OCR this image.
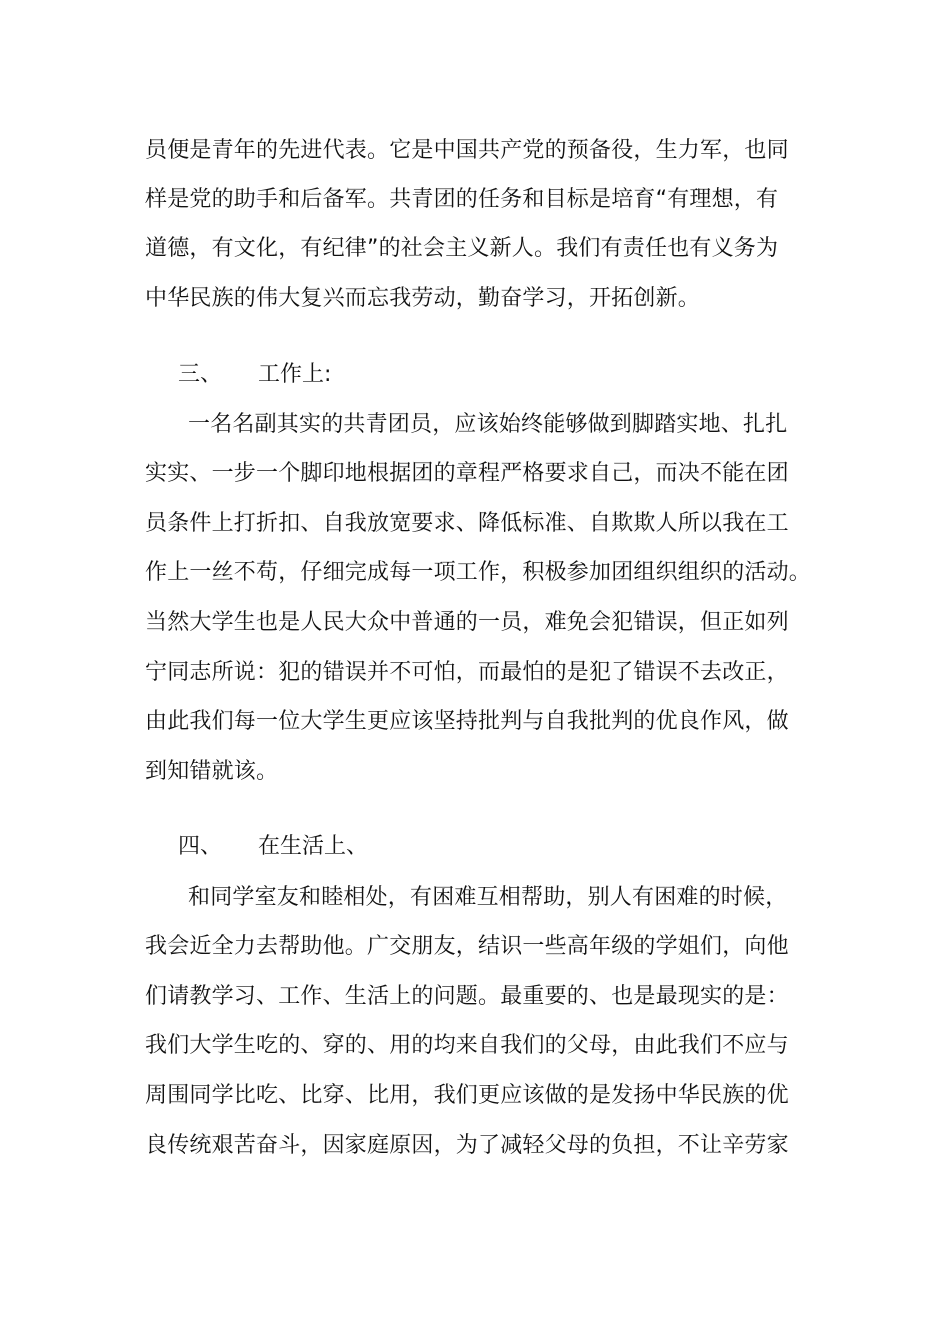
员便是青年的先进代表。它是中国共产党的预备役，生力军，也同
样是党的助手和后备军。共青团的任务和目标是培育“有理想，有
道德，有文化，有纪律”的社会主义新人。我们有责任也有义务为
中华民族的伟大复兴而忘我劳动，勤奋学习，开拓创新。
三、 工作上:
一名名副其实的共青团员，应该始终能够做到脚踏实地、扎扎
实实、一步一个脚印地根据团的章程严格要求自己，而决不能在团
员条件上打折扣、自我放宽要求、降低标准、自欺欺人所以我在工
作上一丝不苟，仔细完成每一项工作，积极参加团组织组织的活动。
当然大学生也是人民大众中普通的一员，难免会犯错误，但正如列
宁同志所说：犯的错误并不可怕，而最怕的是犯了错误不去改正，
由此我们每一位大学生更应该坚持批判与自我批判的优良作风，做
到知错就该。
四、 在生活上、
和同学室友和睦相处，有困难互相帮助，别人有困难的时候，
我会近全力去帮助他。广交朋友，结识一些高年级的学姐们，向他
们请教学习、工作、生活上的问题。最重要的、也是最现实的是：
我们大学生吃的、穿的、用的均来自我们的父母，由此我们不应与
周围同学比吃、比穿、比用，我们更应该做的是发扬中华民族的优
良传统艰苦奋斗，因家庭原因，为了减轻父母的负担，不让辛劳家
